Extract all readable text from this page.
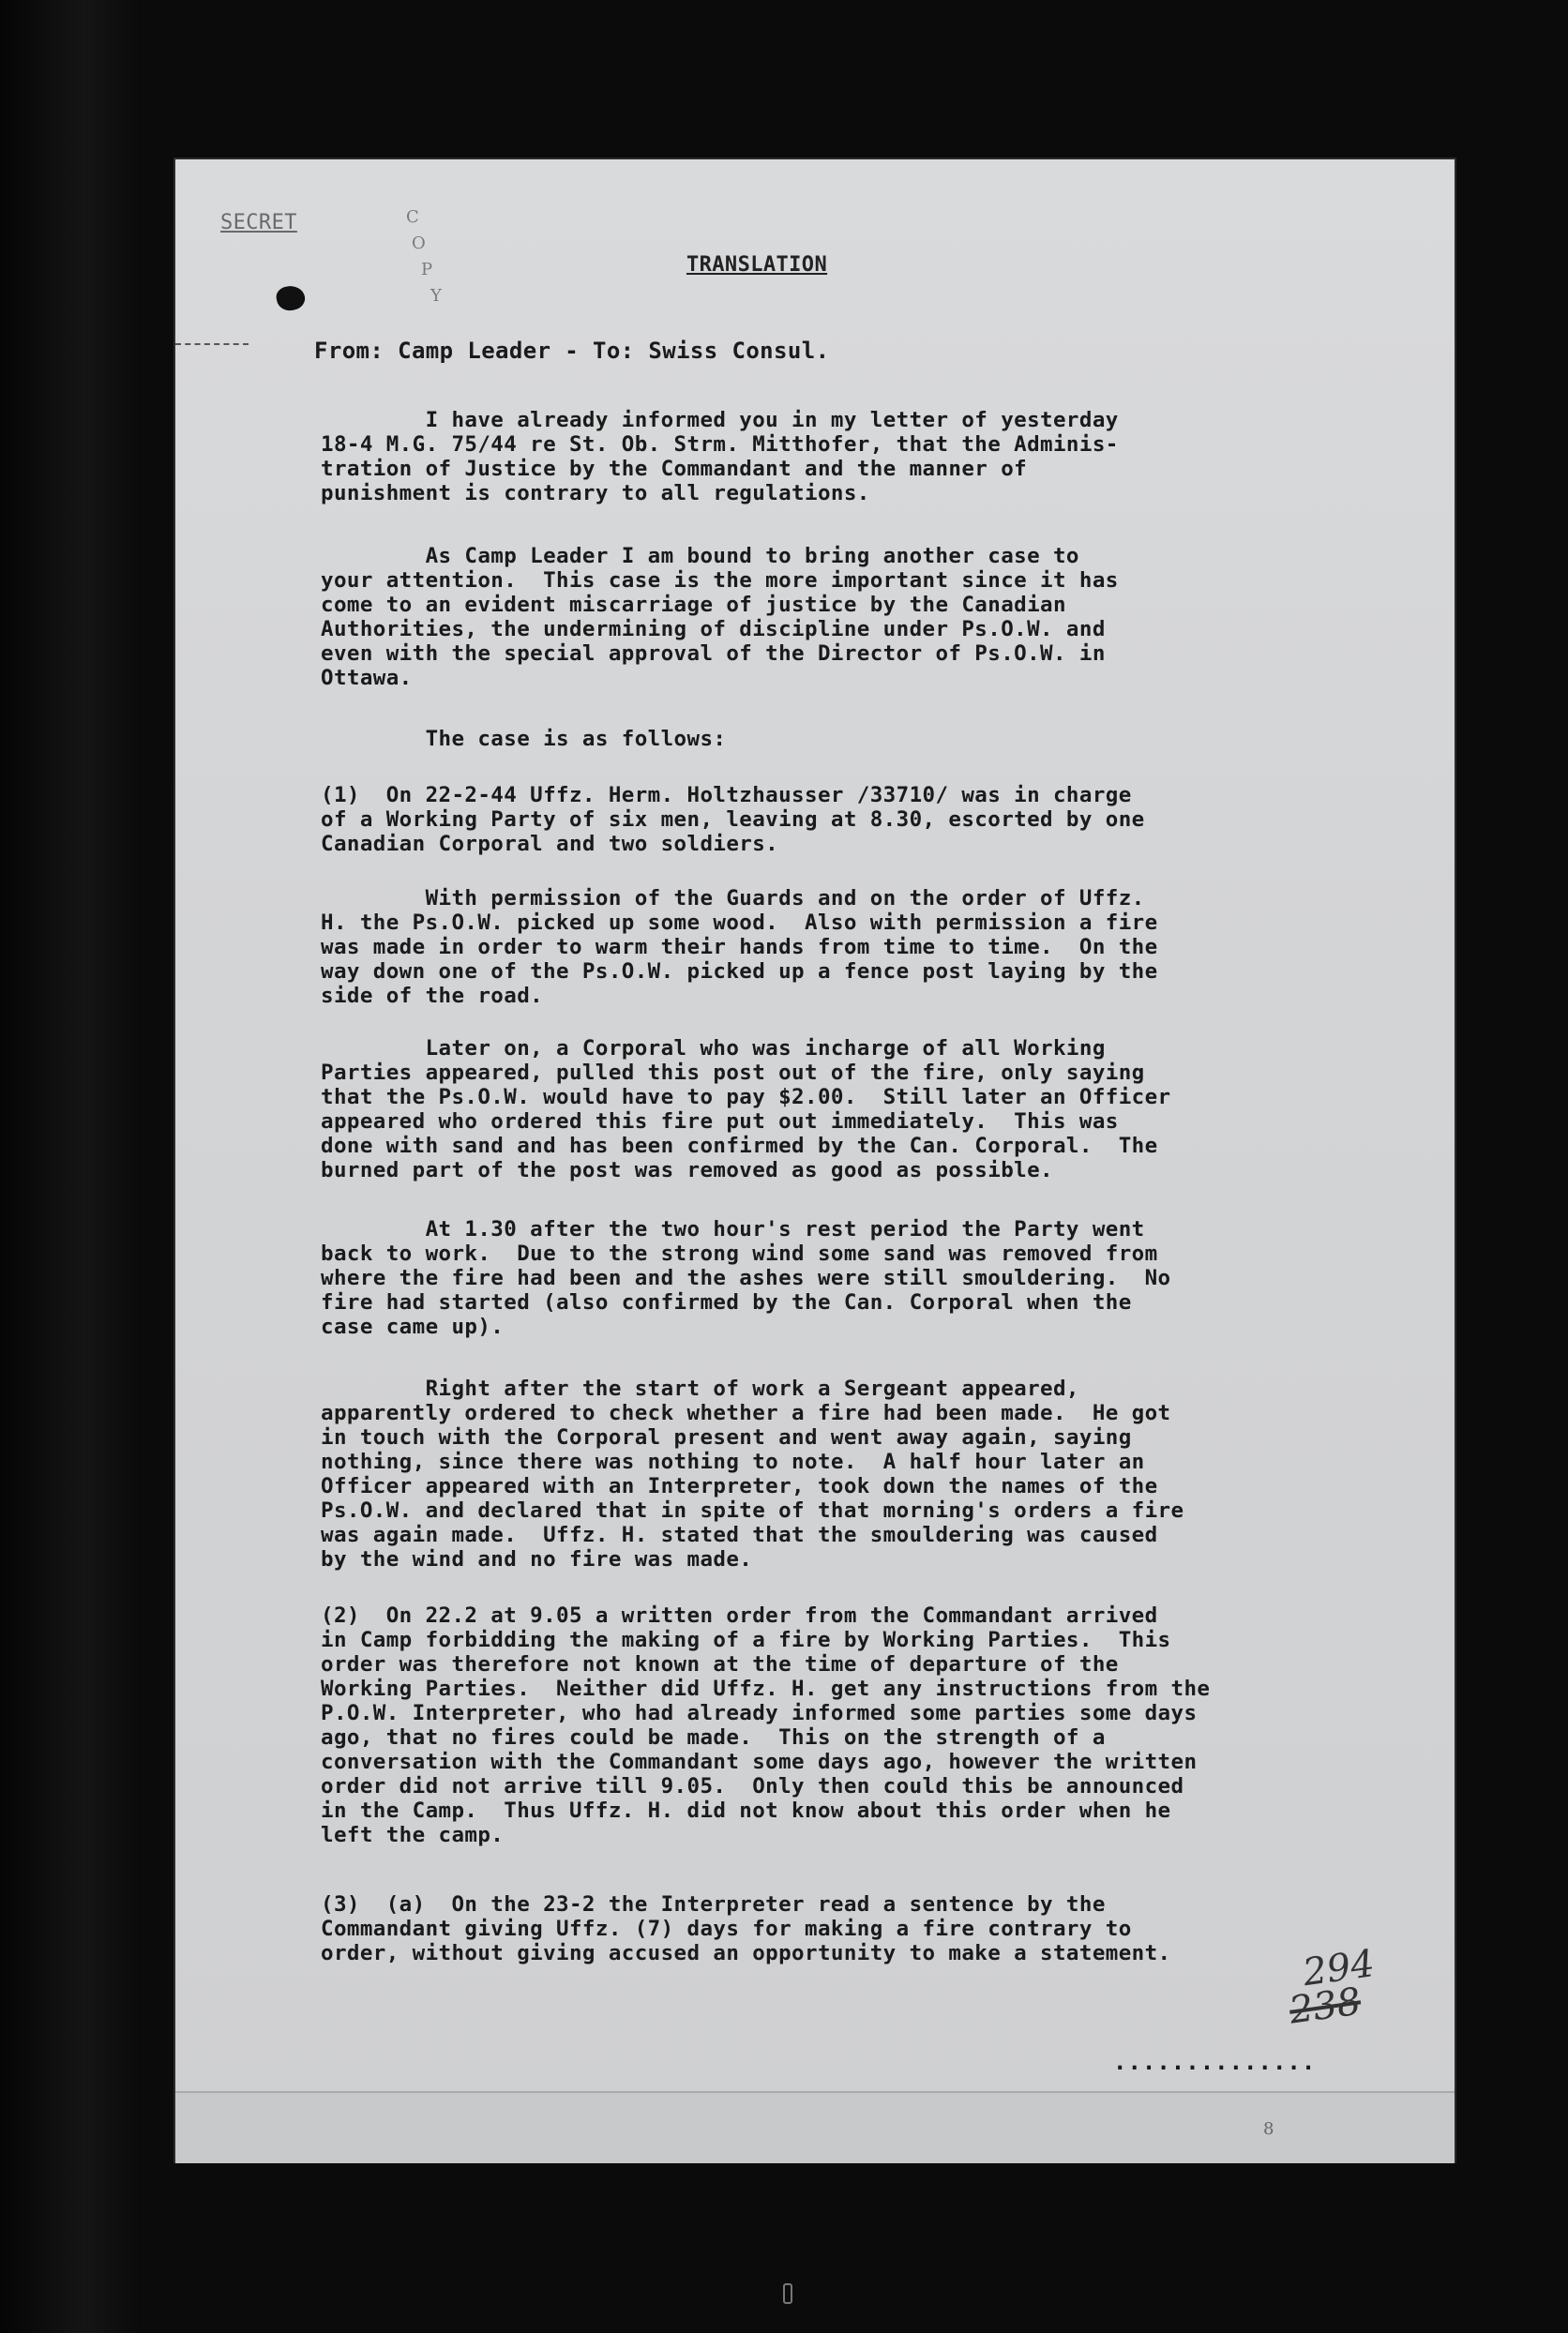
SECRET	C
O
P
Y
TRANSLATION
From: Camp Leader - To: Swiss Consul.
I have already informed you in my letter of yesterday
18-4 M.G. 75/44 re St. Ob. Strm. Mitthofer, that the Adminis-
tration of Justice by the Commandant and the manner of
punishment is contrary to all regulations.
As Camp Leader I am bound to bring another case to
your attention.  This case is the more important since it has
come to an evident miscarriage of justice by the Canadian
Authorities, the undermining of discipline under Ps.O.W. and
even with the special approval of the Director of Ps.O.W. in
Ottawa.
The case is as follows:
(1)  On 22-2-44 Uffz. Herm. Holtzhausser /33710/ was in charge
of a Working Party of six men, leaving at 8.30, escorted by one
Canadian Corporal and two soldiers.
With permission of the Guards and on the order of Uffz.
H. the Ps.O.W. picked up some wood.  Also with permission a fire
was made in order to warm their hands from time to time.  On the
way down one of the Ps.O.W. picked up a fence post laying by the
side of the road.
Later on, a Corporal who was incharge of all Working
Parties appeared, pulled this post out of the fire, only saying
that the Ps.O.W. would have to pay $2.00.  Still later an Officer
appeared who ordered this fire put out immediately.  This was
done with sand and has been confirmed by the Can. Corporal.  The
burned part of the post was removed as good as possible.
At 1.30 after the two hour's rest period the Party went
back to work.  Due to the strong wind some sand was removed from
where the fire had been and the ashes were still smouldering.  No
fire had started (also confirmed by the Can. Corporal when the
case came up).
Right after the start of work a Sergeant appeared,
apparently ordered to check whether a fire had been made.  He got
in touch with the Corporal present and went away again, saying
nothing, since there was nothing to note.  A half hour later an
Officer appeared with an Interpreter, took down the names of the
Ps.O.W. and declared that in spite of that morning's orders a fire
was again made.  Uffz. H. stated that the smouldering was caused
by the wind and no fire was made.
(2)  On 22.2 at 9.05 a written order from the Commandant arrived
in Camp forbidding the making of a fire by Working Parties.  This
order was therefore not known at the time of departure of the
Working Parties.  Neither did Uffz. H. get any instructions from the
P.O.W. Interpreter, who had already informed some parties some days
ago, that no fires could be made.  This on the strength of a
conversation with the Commandant some days ago, however the written
order did not arrive till 9.05.  Only then could this be announced
in the Camp.  Thus Uffz. H. did not know about this order when he
left the camp.
(3)  (a)  On the 23-2 the Interpreter read a sentence by the
Commandant giving Uffz. (7) days for making a fire contrary to
order, without giving accused an opportunity to make a statement.	294
238
..............
8
